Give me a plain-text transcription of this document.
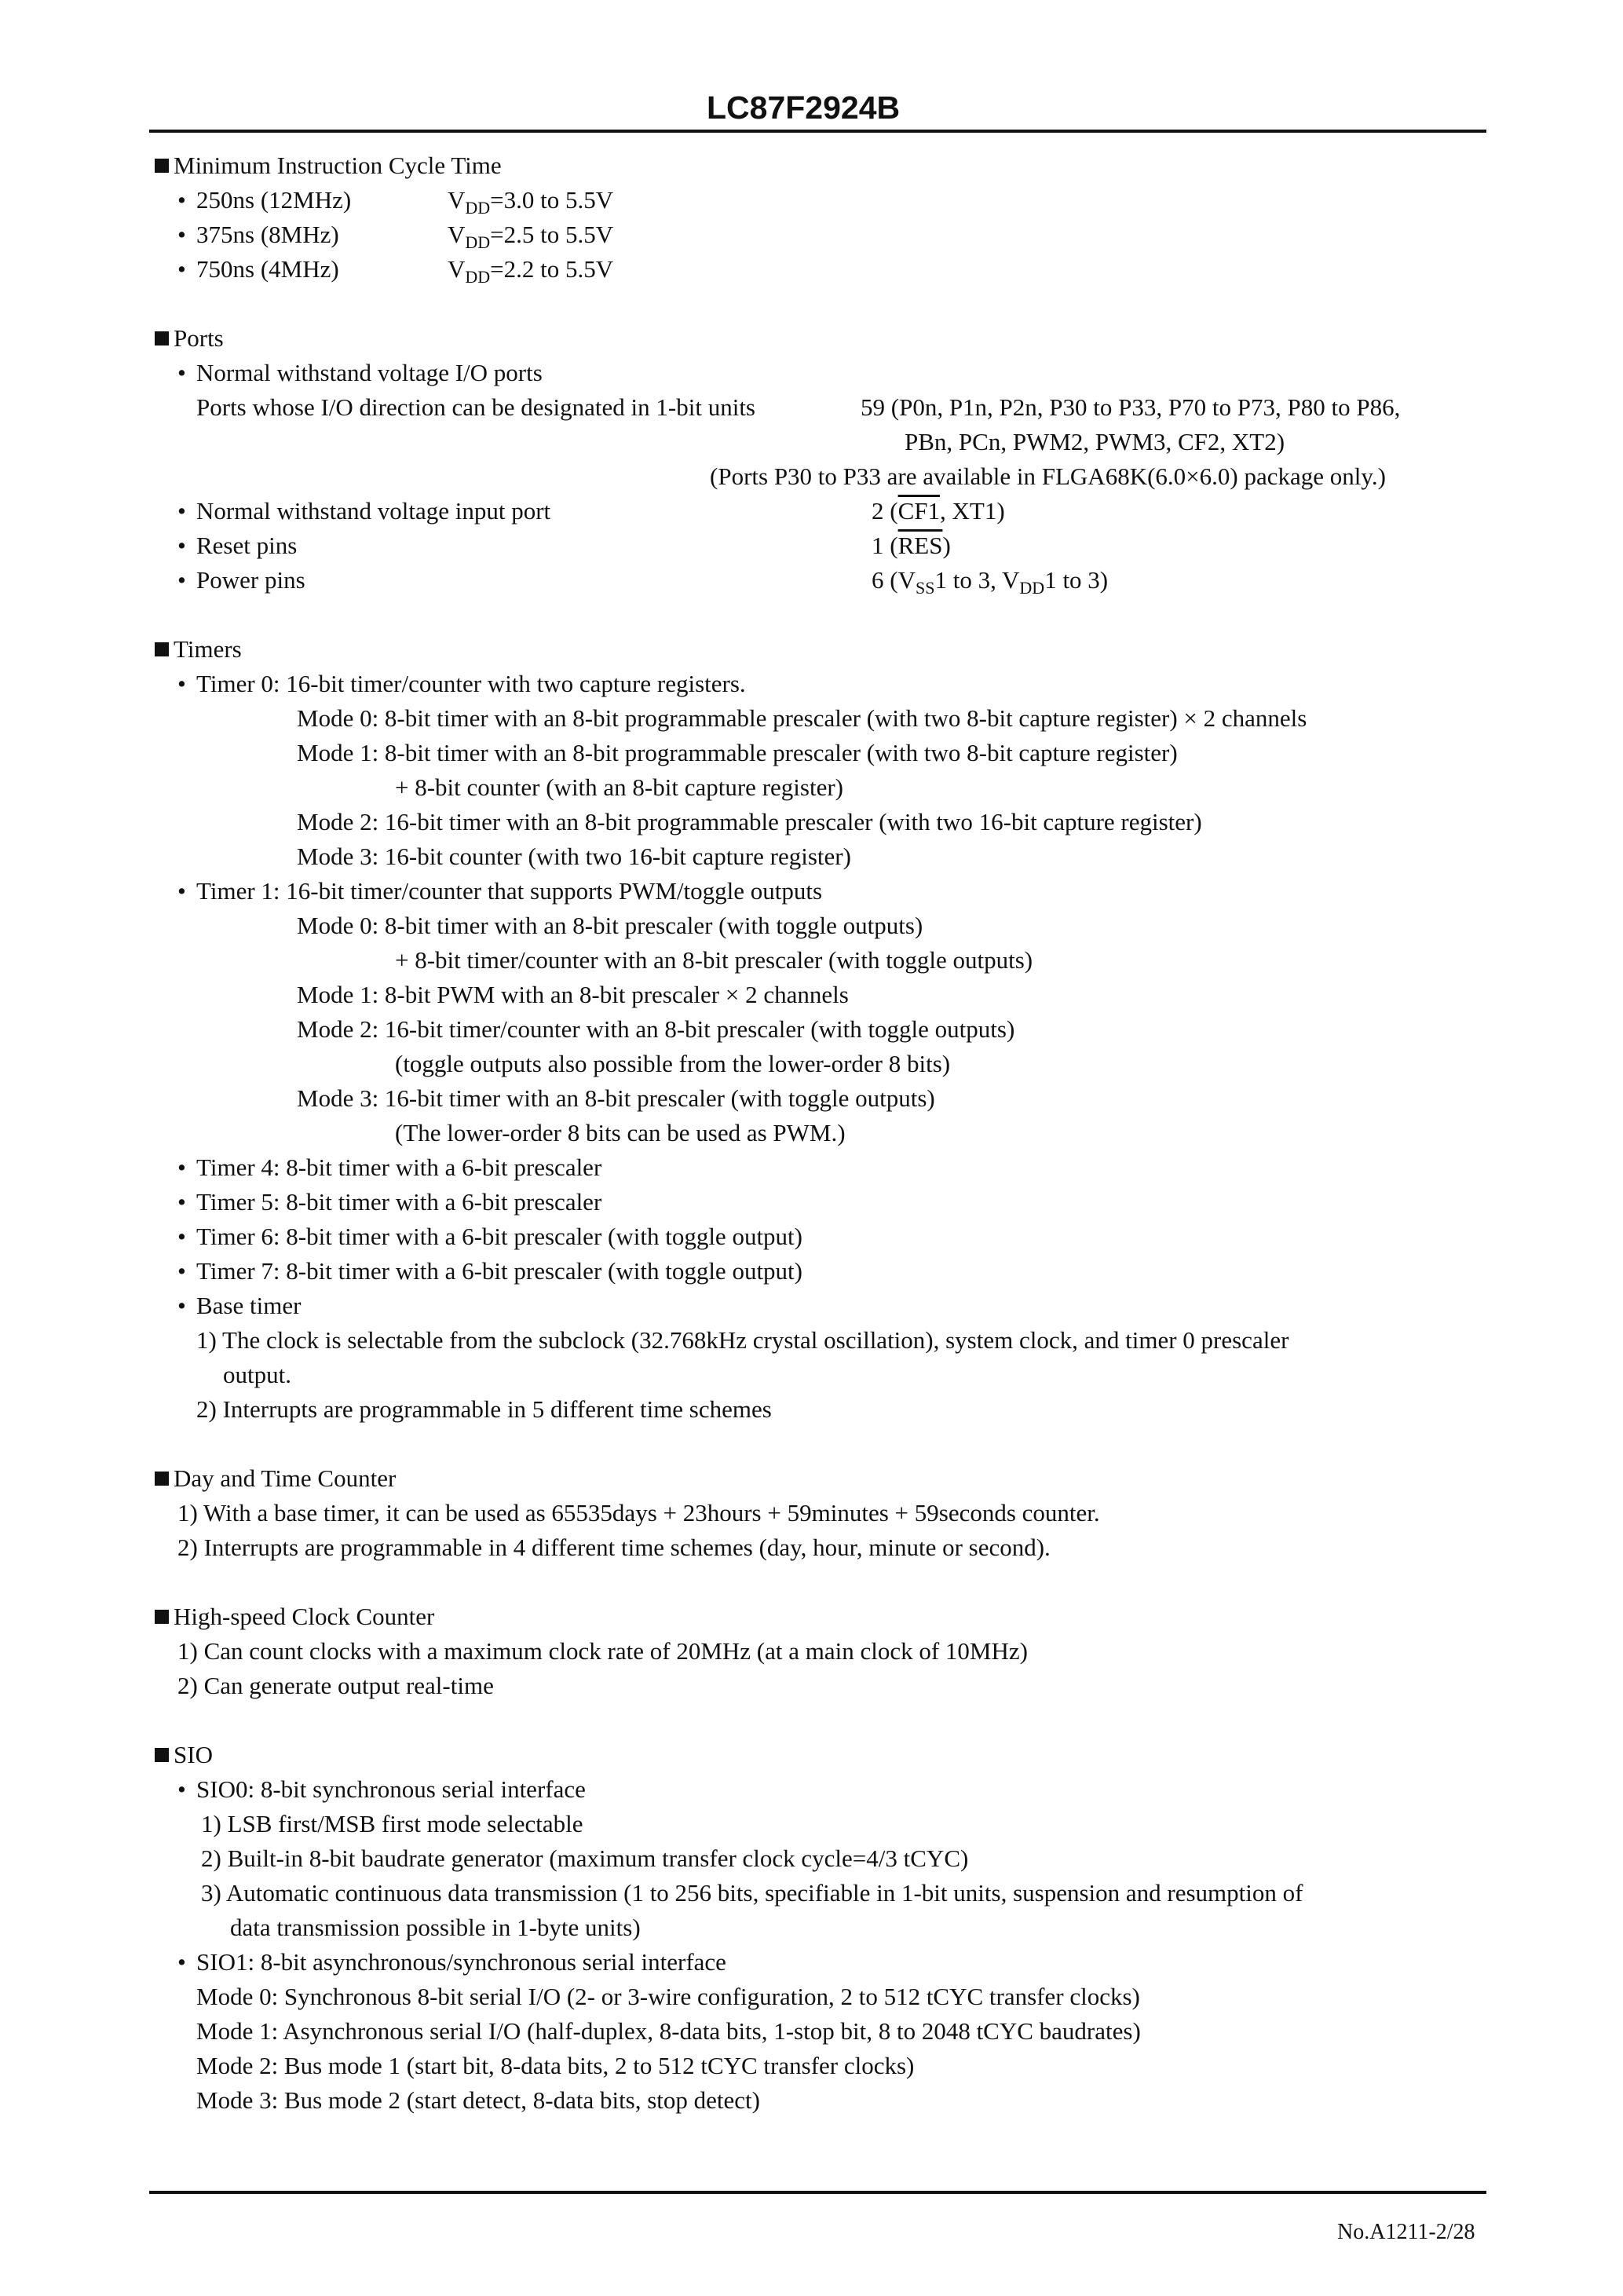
LC87F2924B
Minimum Instruction Cycle Time
• 250ns (12MHz)	$V_{DD}=3.0$ to 5.5V
• 375ns (8MHz)	$V_{DD}=2.5$ to 5.5V
• 750ns (4MHz)	$V_{DD}=2.2$ to 5.5V
Ports
• Normal withstand voltage I/O ports
Ports whose I/O direction can be designated in 1-bit units	59 (P0n, P1n, P2n, P30 to P33, P70 to P73, P80 to P86,
PBn, PCn, PWM2, PWM3, CF2, XT2)
(Ports P30 to P33 are available in FLGA68K(6.0×6.0) package only.)
• Normal withstand voltage input port	2 (CF1, XT1)
• Reset pins	1 $(\overline{RES})$
• Power pins	6 ($V_{SS}1$ to 3, $V_{DD}1$ to 3)
Timers
• Timer 0: 16-bit timer/counter with two capture registers.
Mode 0: 8-bit timer with an 8-bit programmable prescaler (with two 8-bit capture register) × 2 channels
Mode 1: 8-bit timer with an 8-bit programmable prescaler (with two 8-bit capture register)
+ 8-bit counter (with an 8-bit capture register)
Mode 2: 16-bit timer with an 8-bit programmable prescaler (with two 16-bit capture register)
Mode 3: 16-bit counter (with two 16-bit capture register)
• Timer 1: 16-bit timer/counter that supports PWM/toggle outputs
Mode 0: 8-bit timer with an 8-bit prescaler (with toggle outputs)
+ 8-bit timer/counter with an 8-bit prescaler (with toggle outputs)
Mode 1: 8-bit PWM with an 8-bit prescaler × 2 channels
Mode 2: 16-bit timer/counter with an 8-bit prescaler (with toggle outputs)
(toggle outputs also possible from the lower-order 8 bits)
Mode 3: 16-bit timer with an 8-bit prescaler (with toggle outputs)
(The lower-order 8 bits can be used as PWM.)
• Timer 4: 8-bit timer with a 6-bit prescaler
• Timer 5: 8-bit timer with a 6-bit prescaler
• Timer 6: 8-bit timer with a 6-bit prescaler (with toggle output)
• Timer 7: 8-bit timer with a 6-bit prescaler (with toggle output)
• Base timer
1) The clock is selectable from the subclock (32.768kHz crystal oscillation), system clock, and timer 0 prescaler
output.
2) Interrupts are programmable in 5 different time schemes
Day and Time Counter
1) With a base timer, it can be used as 65535days + 23hours + 59minutes + 59seconds counter.
2) Interrupts are programmable in 4 different time schemes (day, hour, minute or second).
High-speed Clock Counter
1) Can count clocks with a maximum clock rate of 20MHz (at a main clock of 10MHz)
2) Can generate output real-time
SIO
• SIO0: 8-bit synchronous serial interface
1) LSB first/MSB first mode selectable
2) Built-in 8-bit baudrate generator (maximum transfer clock cycle=4/3 tCYC)
3) Automatic continuous data transmission (1 to 256 bits, specifiable in 1-bit units, suspension and resumption of
data transmission possible in 1-byte units)
• SIO1: 8-bit asynchronous/synchronous serial interface
Mode 0: Synchronous 8-bit serial I/O (2- or 3-wire configuration, 2 to 512 tCYC transfer clocks)
Mode 1: Asynchronous serial I/O (half-duplex, 8-data bits, 1-stop bit, 8 to 2048 tCYC baudrates)
Mode 2: Bus mode 1 (start bit, 8-data bits, 2 to 512 tCYC transfer clocks)
Mode 3: Bus mode 2 (start detect, 8-data bits, stop detect)
No.A1211-2/28
